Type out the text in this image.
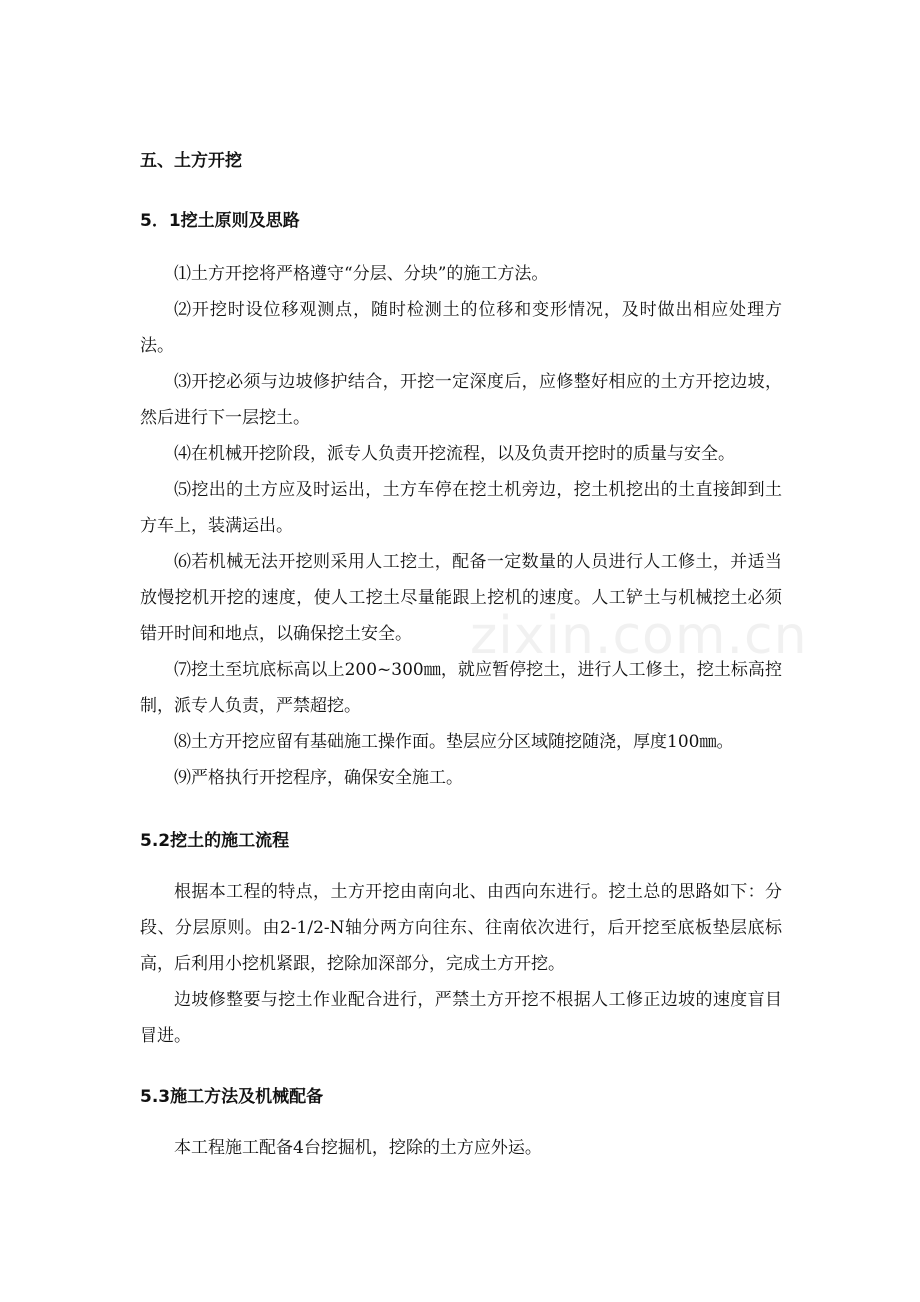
zixin.com.cn
五、土方开挖
5．1挖土原则及思路

⑴土方开挖将严格遵守“分层、分块”的施工方法。

⑵开挖时设位移观测点，随时检测土的位移和变形情况，及时做出相应处理方法。

⑶开挖必须与边坡修护结合，开挖一定深度后，应修整好相应的土方开挖边坡，然后进行下一层挖土。

⑷在机械开挖阶段，派专人负责开挖流程，以及负责开挖时的质量与安全。

⑸挖出的土方应及时运出，土方车停在挖土机旁边，挖土机挖出的土直接卸到土方车上，装满运出。

⑹若机械无法开挖则采用人工挖土，配备一定数量的人员进行人工修土，并适当放慢挖机开挖的速度，使人工挖土尽量能跟上挖机的速度。人工铲土与机械挖土必须错开时间和地点，以确保挖土安全。

⑺挖土至坑底标高以上200~300㎜，就应暂停挖土，进行人工修土，挖土标高控制，派专人负责，严禁超挖。

⑻土方开挖应留有基础施工操作面。垫层应分区域随挖随浇，厚度100㎜。

⑼严格执行开挖程序，确保安全施工。

5.2挖土的施工流程

根据本工程的特点，土方开挖由南向北、由西向东进行。挖土总的思路如下：分段、分层原则。由2-1/2-N轴分两方向往东、往南依次进行，后开挖至底板垫层底标高，后利用小挖机紧跟，挖除加深部分，完成土方开挖。

边坡修整要与挖土作业配合进行，严禁土方开挖不根据人工修正边坡的速度盲目冒进。

5.3施工方法及机械配备

本工程施工配备4台挖掘机，挖除的土方应外运。
